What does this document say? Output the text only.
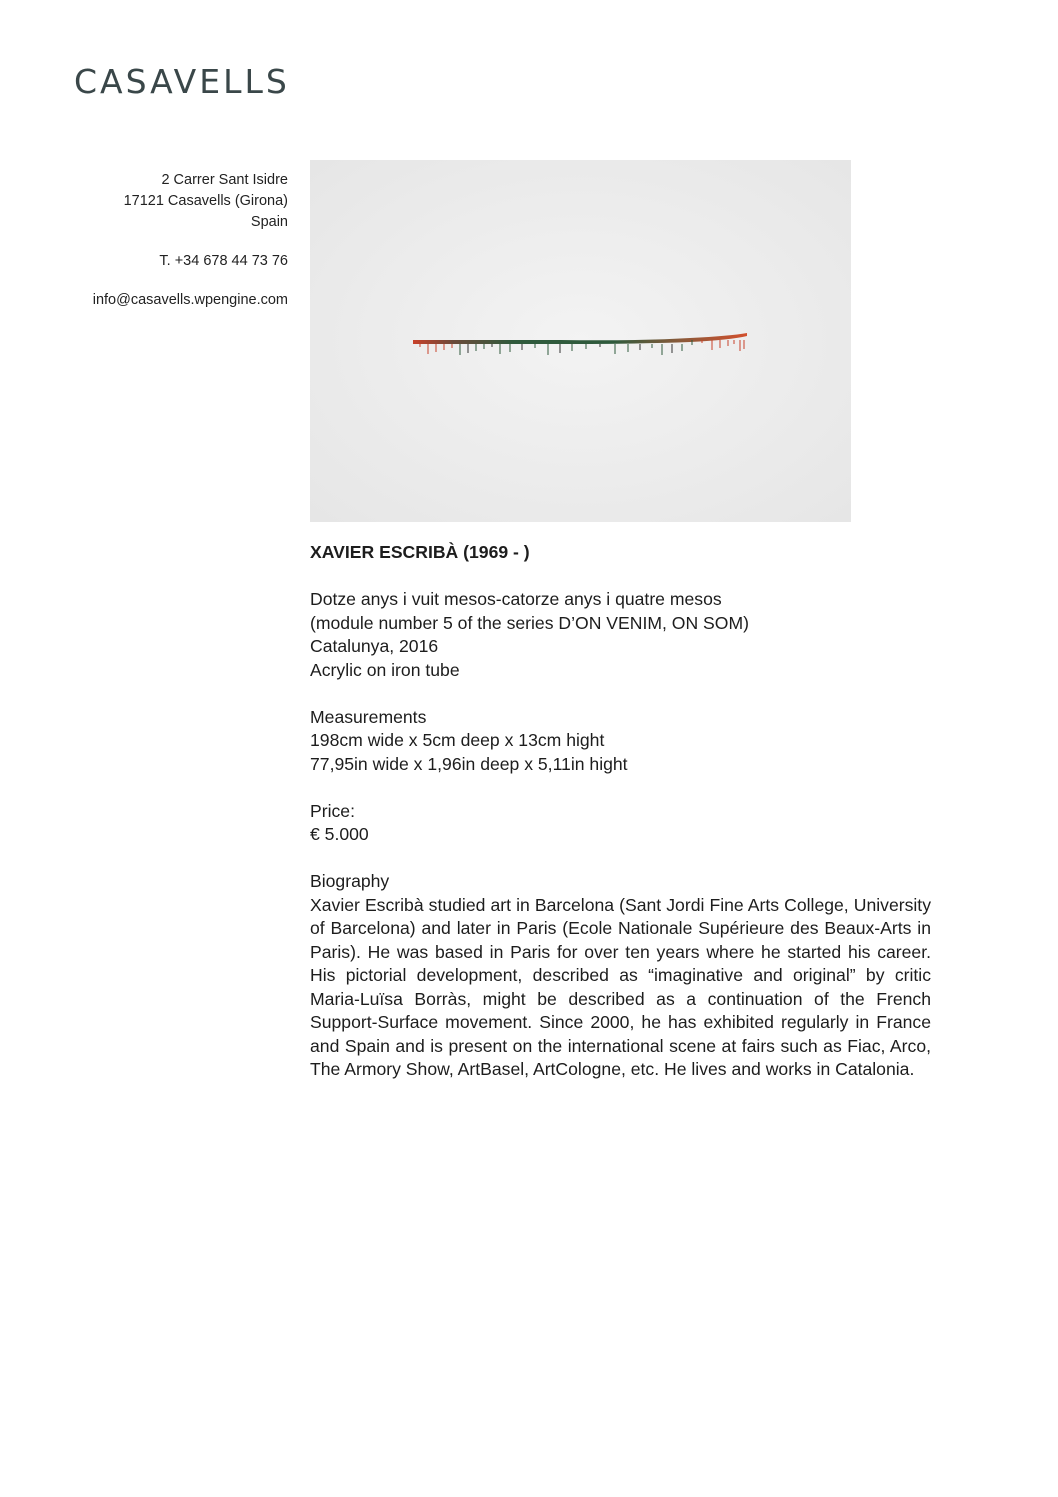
CASAVELLS
2 Carrer Sant Isidre
17121 Casavells (Girona)
Spain
T. +34 678 44 73 76
info@casavells.wpengine.com

XAVIER ESCRIBÀ (1969 - )

Dotze anys i vuit mesos-catorze anys i quatre mesos

(module number 5 of the series D’ON VENIM, ON SOM)

Catalunya, 2016

Acrylic on iron tube

Measurements

198cm wide x 5cm deep x 13cm hight

77,95in wide x 1,96in deep x 5,11in hight

Price:

€ 5.000

Biography

Xavier Escribà studied art in Barcelona (Sant Jordi Fine Arts College, University of Barcelona) and later in Paris (Ecole Nationale Supérieure des Beaux-Arts in Paris). He was based in Paris for over ten years where he started his career. His pictorial development, described as “imaginative and original” by critic Maria-Luïsa Borràs, might be described as a continuation of the French Support-Surface movement. Since 2000, he has exhibited regularly in France and Spain and is present on the international scene at fairs such as Fiac, Arco, The Armory Show, ArtBasel, ArtCologne, etc. He lives and works in Catalonia.
